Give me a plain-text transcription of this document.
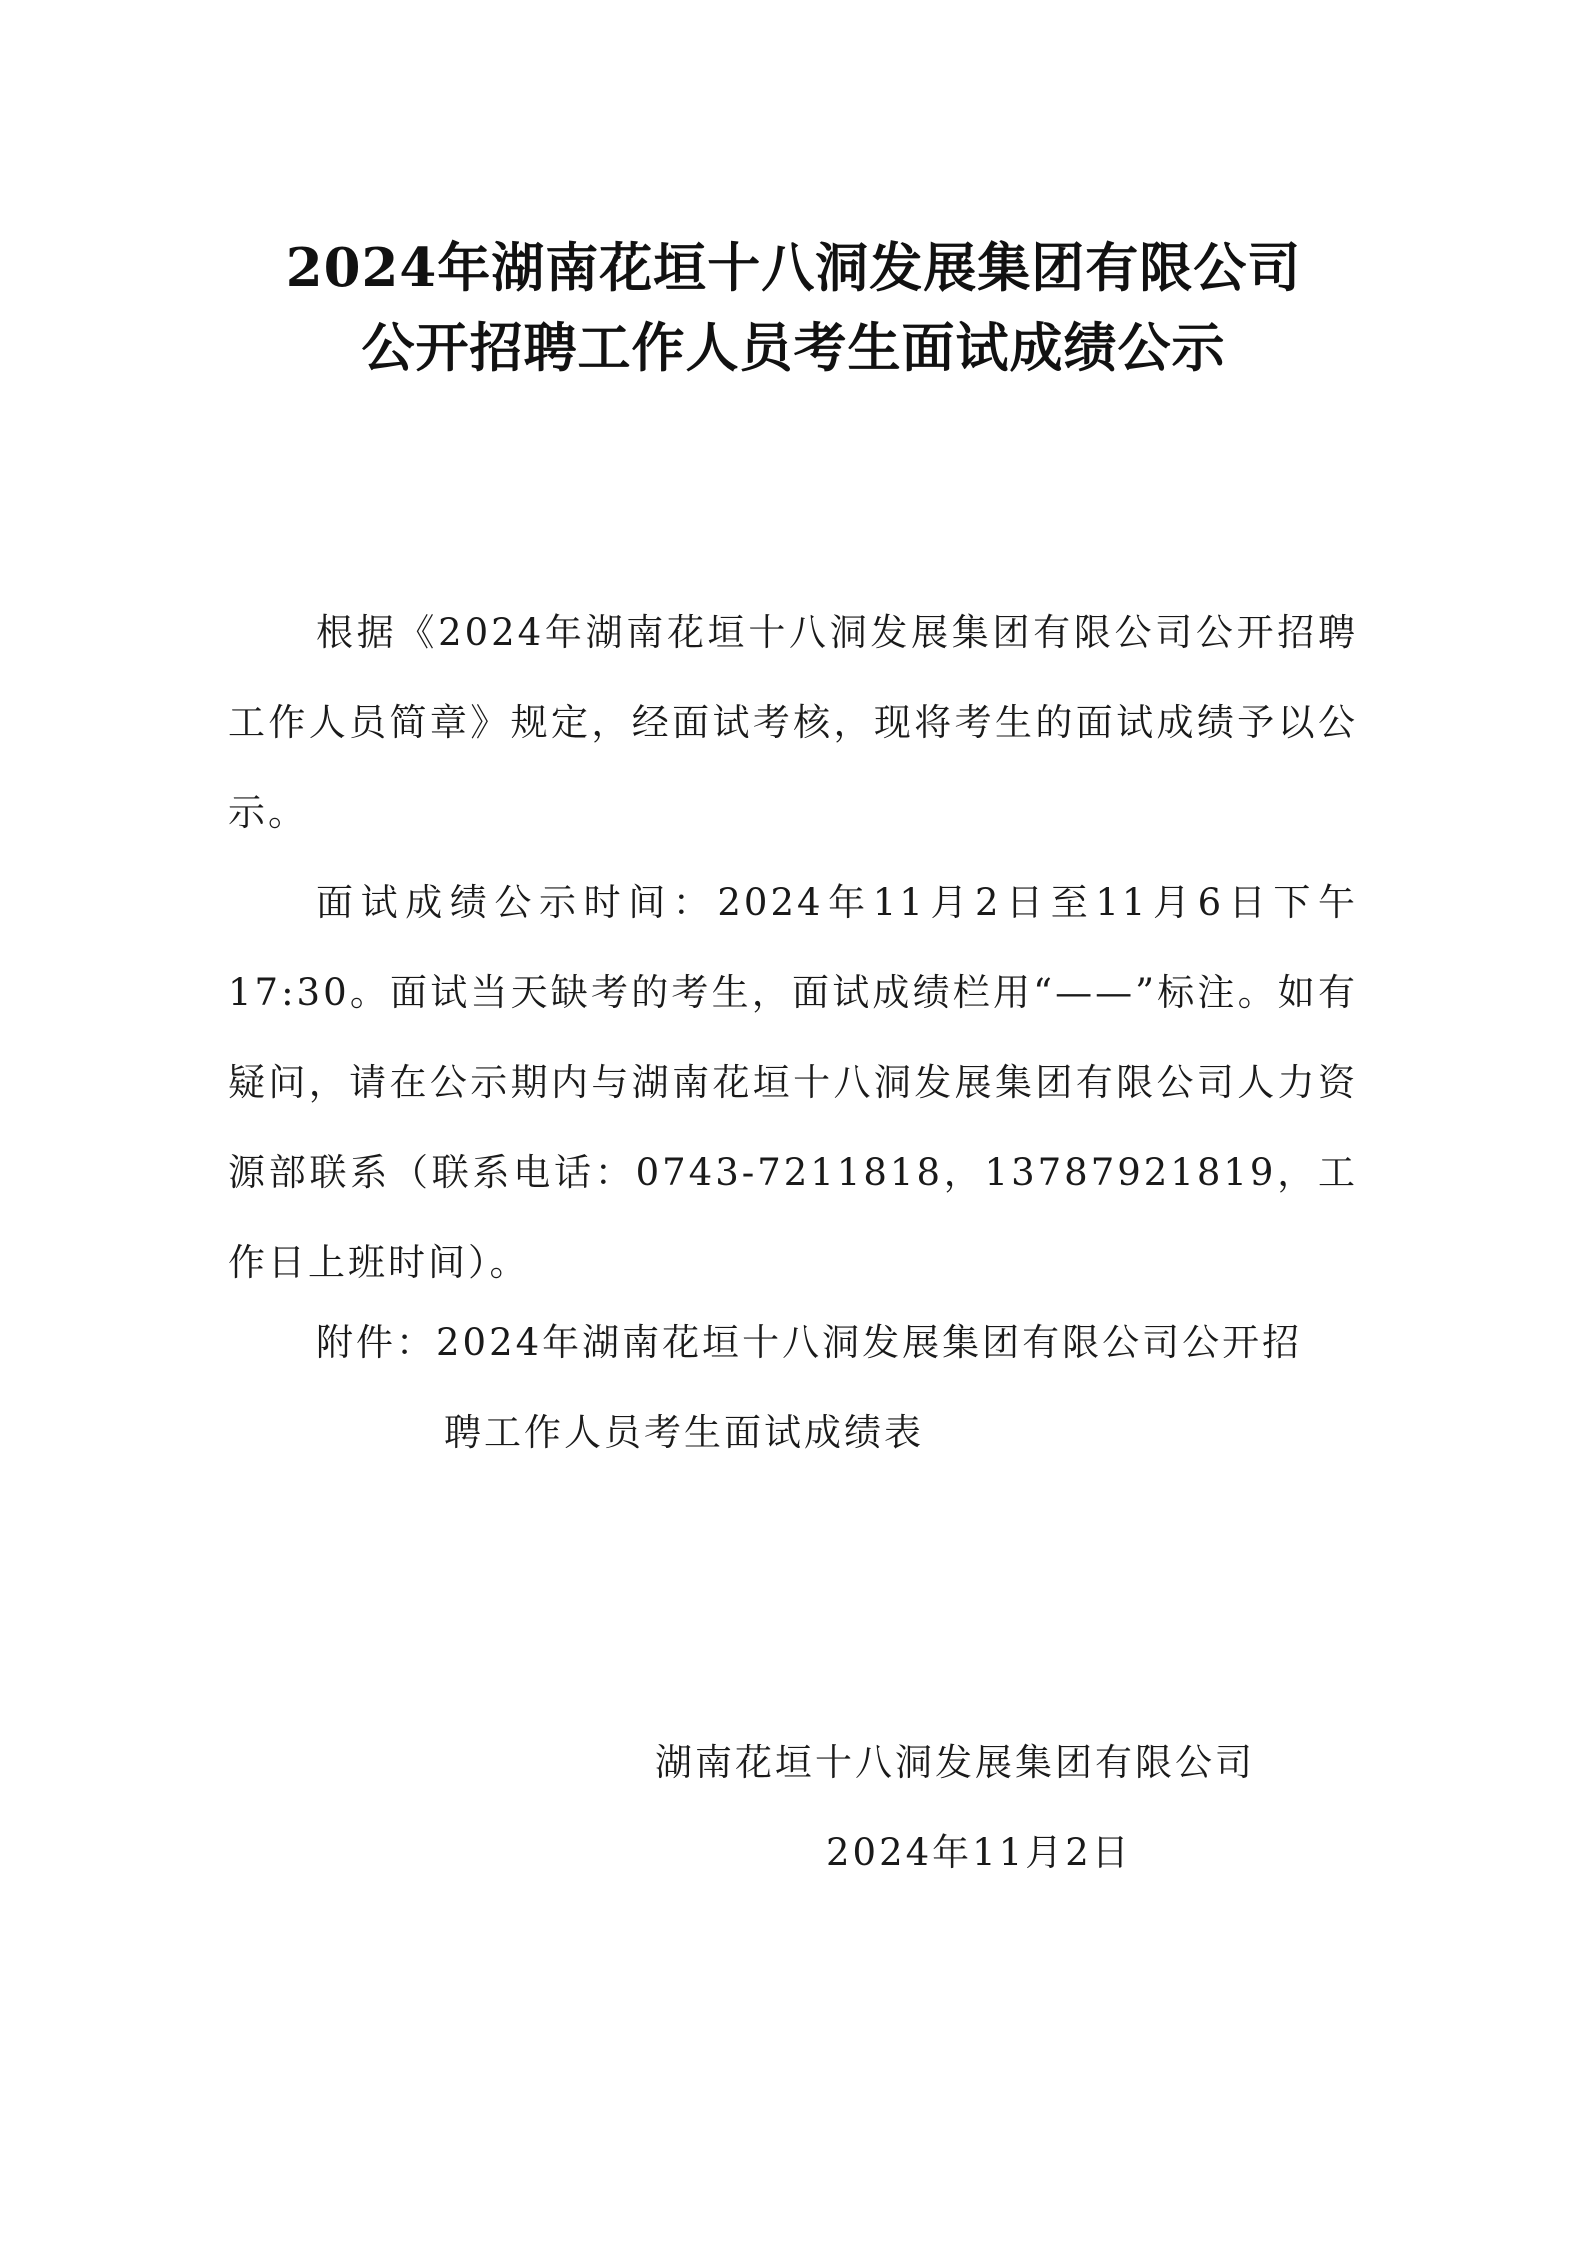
2024年湖南花垣十八洞发展集团有限公司
公开招聘工作人员考生面试成绩公示

根据《2024年湖南花垣十八洞发展集团有限公司公开招聘工作人员简章》规定，经面试考核，现将考生的面试成绩予以公示。

面试成绩公示时间：2024年11月2日至11月6日下午17:30。面试当天缺考的考生，面试成绩栏用“——”标注。如有疑问，请在公示期内与湖南花垣十八洞发展集团有限公司人力资源部联系（联系电话：0743-7211818，13787921819，工作日上班时间）。

附件：2024年湖南花垣十八洞发展集团有限公司公开招
聘工作人员考生面试成绩表
湖南花垣十八洞发展集团有限公司
2024年11月2日
